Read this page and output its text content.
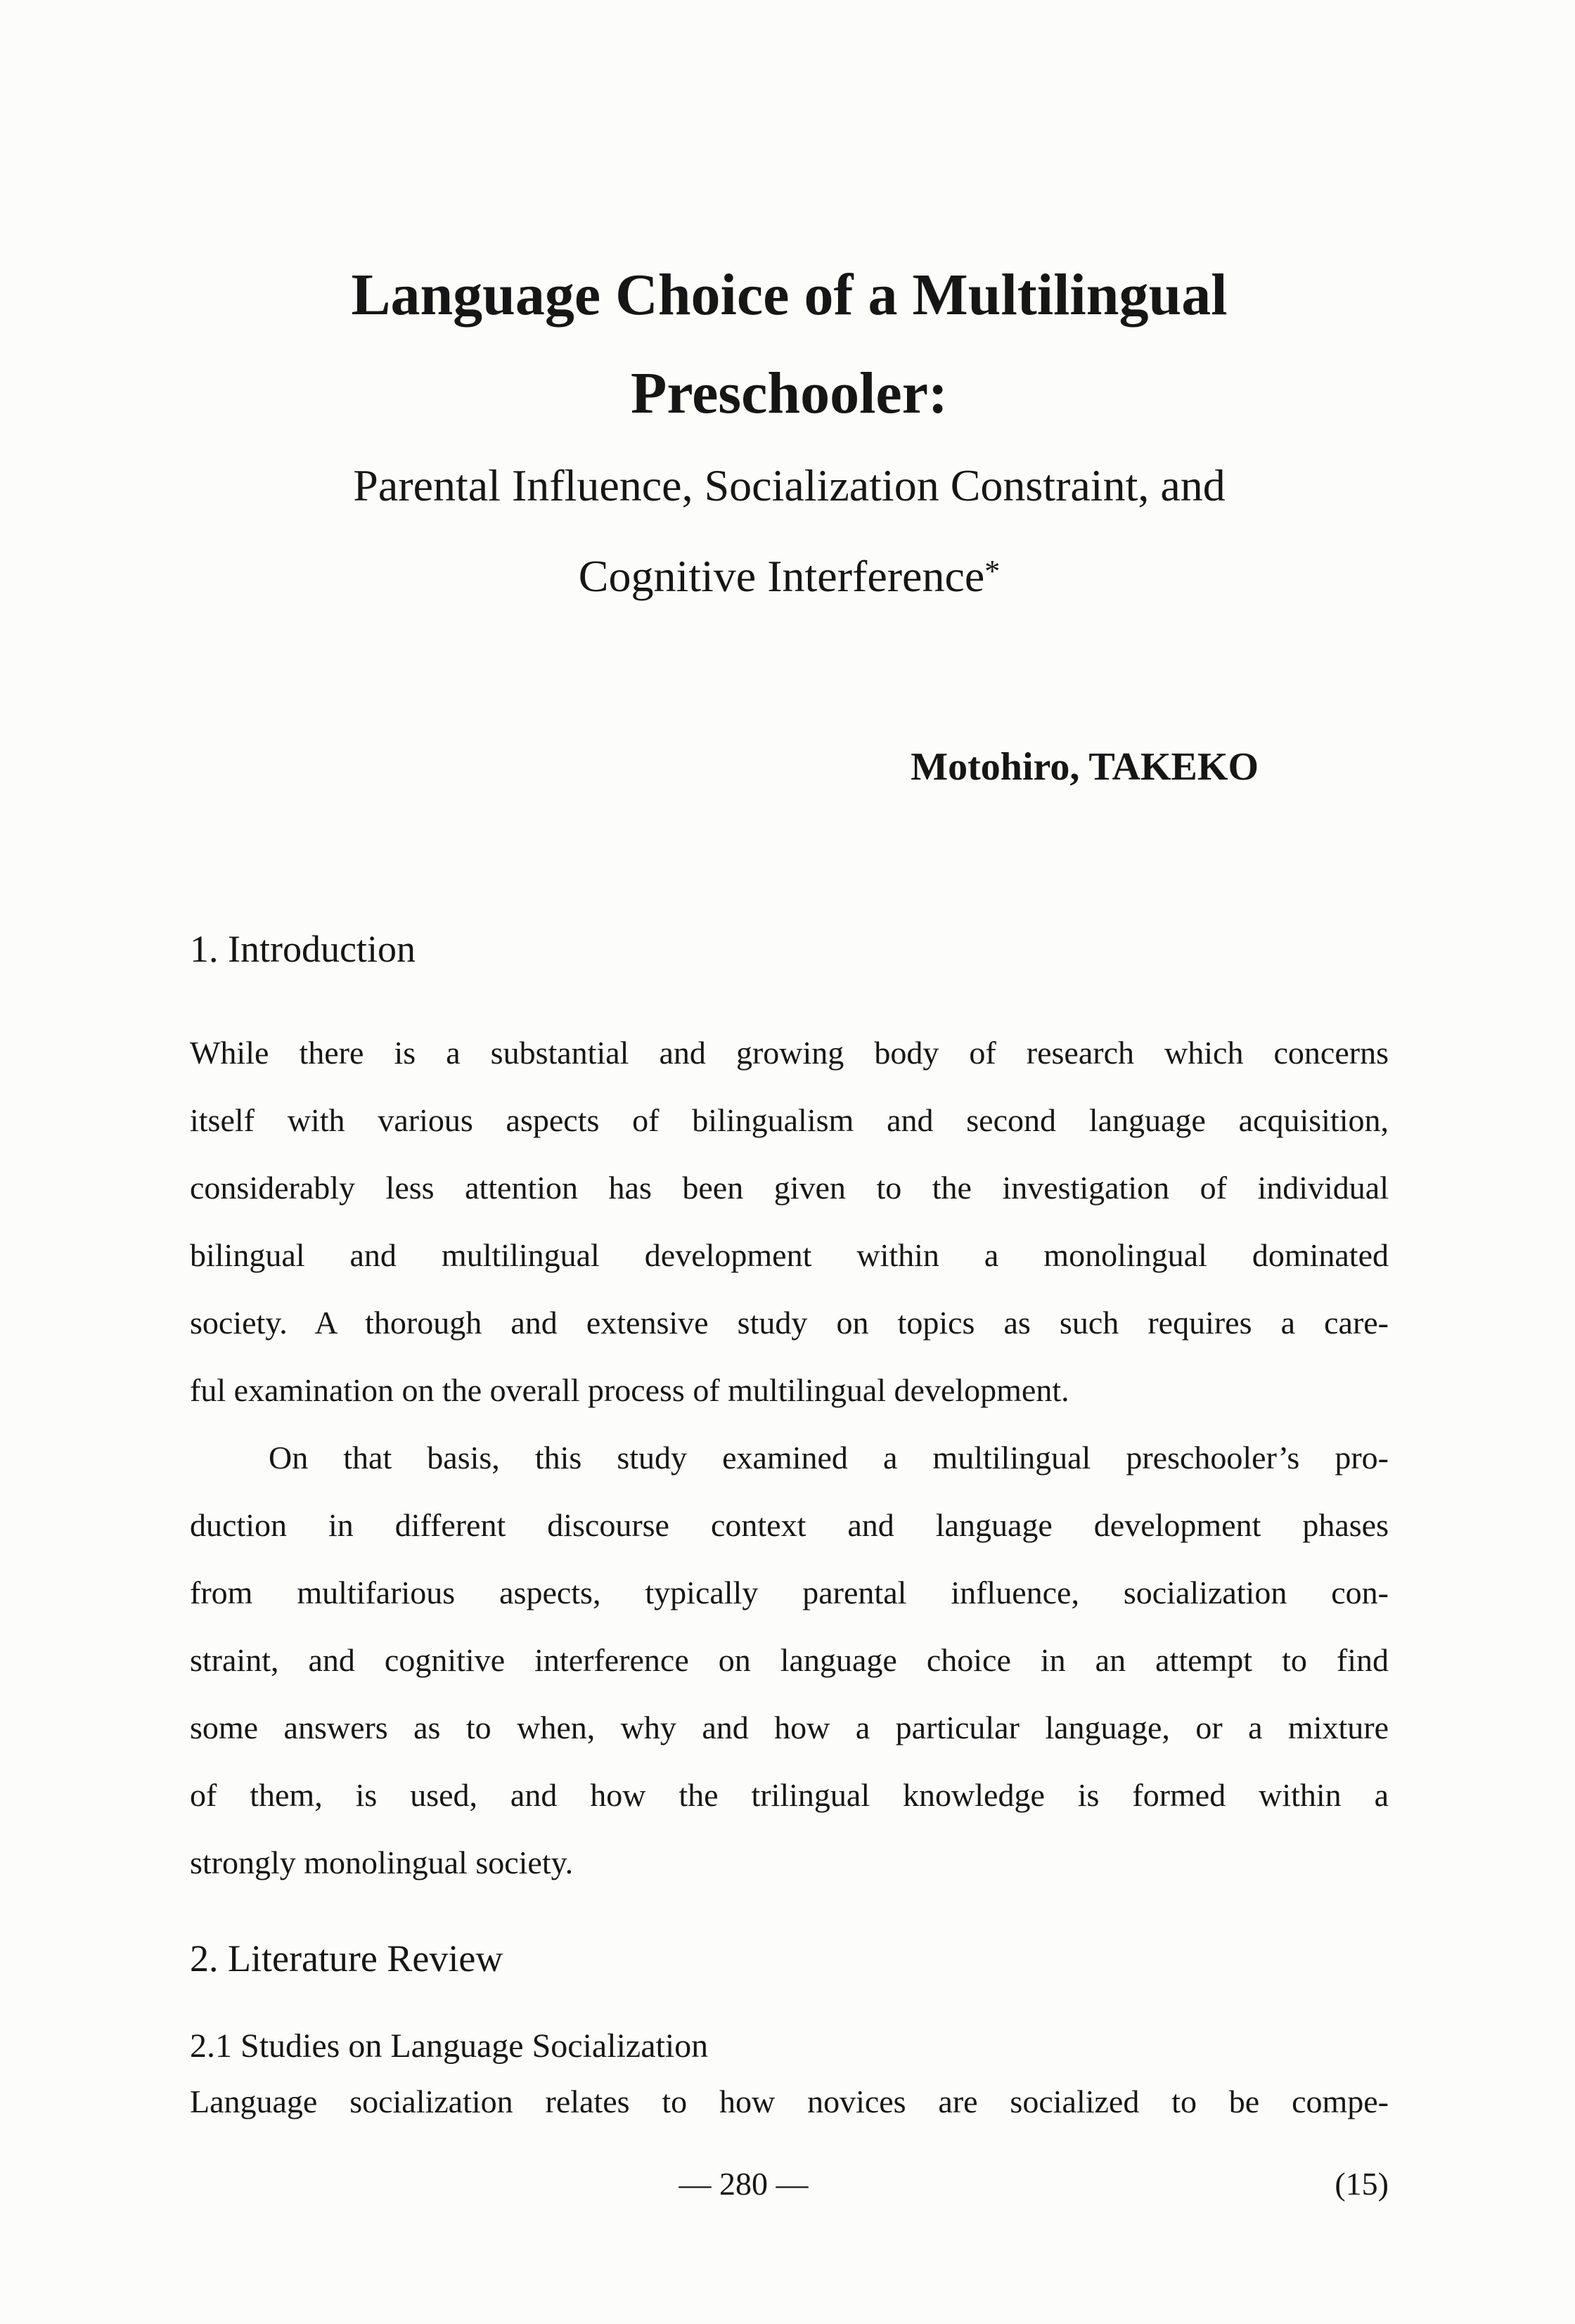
Language Choice of a Multilingual
Preschooler:
Parental Influence, Socialization Constraint, and
Cognitive Interference*
Motohiro, TAKEKO
1. Introduction
While there is a substantial and growing body of research which concerns
itself with various aspects of bilingualism and second language acquisition,
considerably less attention has been given to the investigation of individual
bilingual and multilingual development within a monolingual dominated
society. A thorough and extensive study on topics as such requires a care-
ful examination on the overall process of multilingual development.
On that basis, this study examined a multilingual preschooler’s pro-
duction in different discourse context and language development phases
from multifarious aspects, typically parental influence, socialization con-
straint, and cognitive interference on language choice in an attempt to find
some answers as to when, why and how a particular language, or a mixture
of them, is used, and how the trilingual knowledge is formed within a
strongly monolingual society.
2. Literature Review
2.1 Studies on Language Socialization
Language socialization relates to how novices are socialized to be compe-
— 280 —	(15)
